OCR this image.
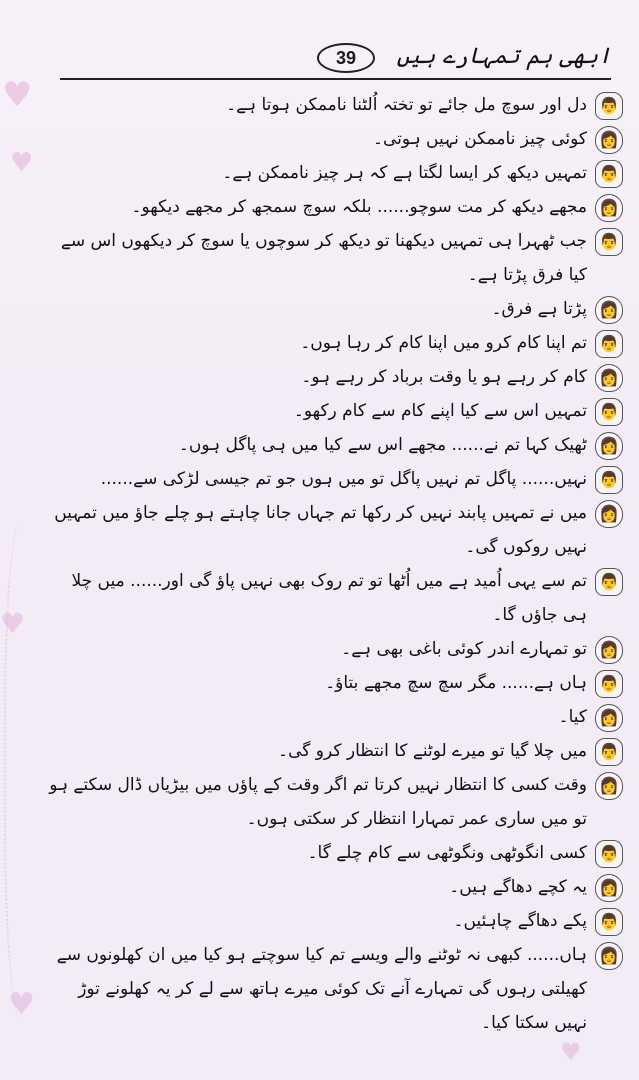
♥
♥
♥
♥
♥
39	ابھی ہم تمہارے ہیں
👨
دل اور سوچ مل جائے تو تختہ اُلٹنا ناممکن ہوتا ہے۔
👩
کوئی چیز ناممکن نہیں ہوتی۔
👨
تمہیں دیکھ کر ایسا لگتا ہے کہ ہر چیز ناممکن ہے۔
👩
مجھے دیکھ کر مت سوچو...... بلکہ سوچ سمجھ کر مجھے دیکھو۔
👨
جب ٹھہرا ہی تمہیں دیکھنا تو دیکھ کر سوچوں یا سوچ کر دیکھوں اس سے کیا فرق پڑتا ہے۔
👩
پڑتا ہے فرق۔
👨
تم اپنا کام کرو میں اپنا کام کر رہا ہوں۔
👩
کام کر رہے ہو یا وقت برباد کر رہے ہو۔
👨
تمہیں اس سے کیا اپنے کام سے کام رکھو۔
👩
ٹھیک کہا تم نے...... مجھے اس سے کیا میں ہی پاگل ہوں۔
👨
نہیں...... پاگل تم نہیں پاگل تو میں ہوں جو تم جیسی لڑکی سے......
👩
میں نے تمہیں پابند نہیں کر رکھا تم جہاں جانا چاہتے ہو چلے جاؤ میں تمہیں نہیں روکوں گی۔
👨
تم سے یہی اُمید ہے میں اُٹھا تو تم روک بھی نہیں پاؤ گی اور...... میں چلا ہی جاؤں گا۔
👩
تو تمہارے اندر کوئی باغی بھی ہے۔
👨
ہاں ہے...... مگر سچ سچ مجھے بتاؤ۔
👩
کیا۔
👨
میں چلا گیا تو میرے لوٹنے کا انتظار کرو گی۔
👩
وقت کسی کا انتظار نہیں کرتا تم اگر وقت کے پاؤں میں بیڑیاں ڈال سکتے ہو تو میں ساری عمر تمہارا انتظار کر سکتی ہوں۔
👨
کسی انگوٹھی ونگوٹھی سے کام چلے گا۔
👩
یہ کچے دھاگے ہیں۔
👨
پکے دھاگے چاہئیں۔
👩
ہاں...... کبھی نہ ٹوٹنے والے ویسے تم کیا سوچتے ہو کیا میں ان کھلونوں سے کھیلتی رہوں گی تمہارے آنے تک کوئی میرے ہاتھ سے لے کر یہ کھلونے توڑ نہیں سکتا کیا۔
